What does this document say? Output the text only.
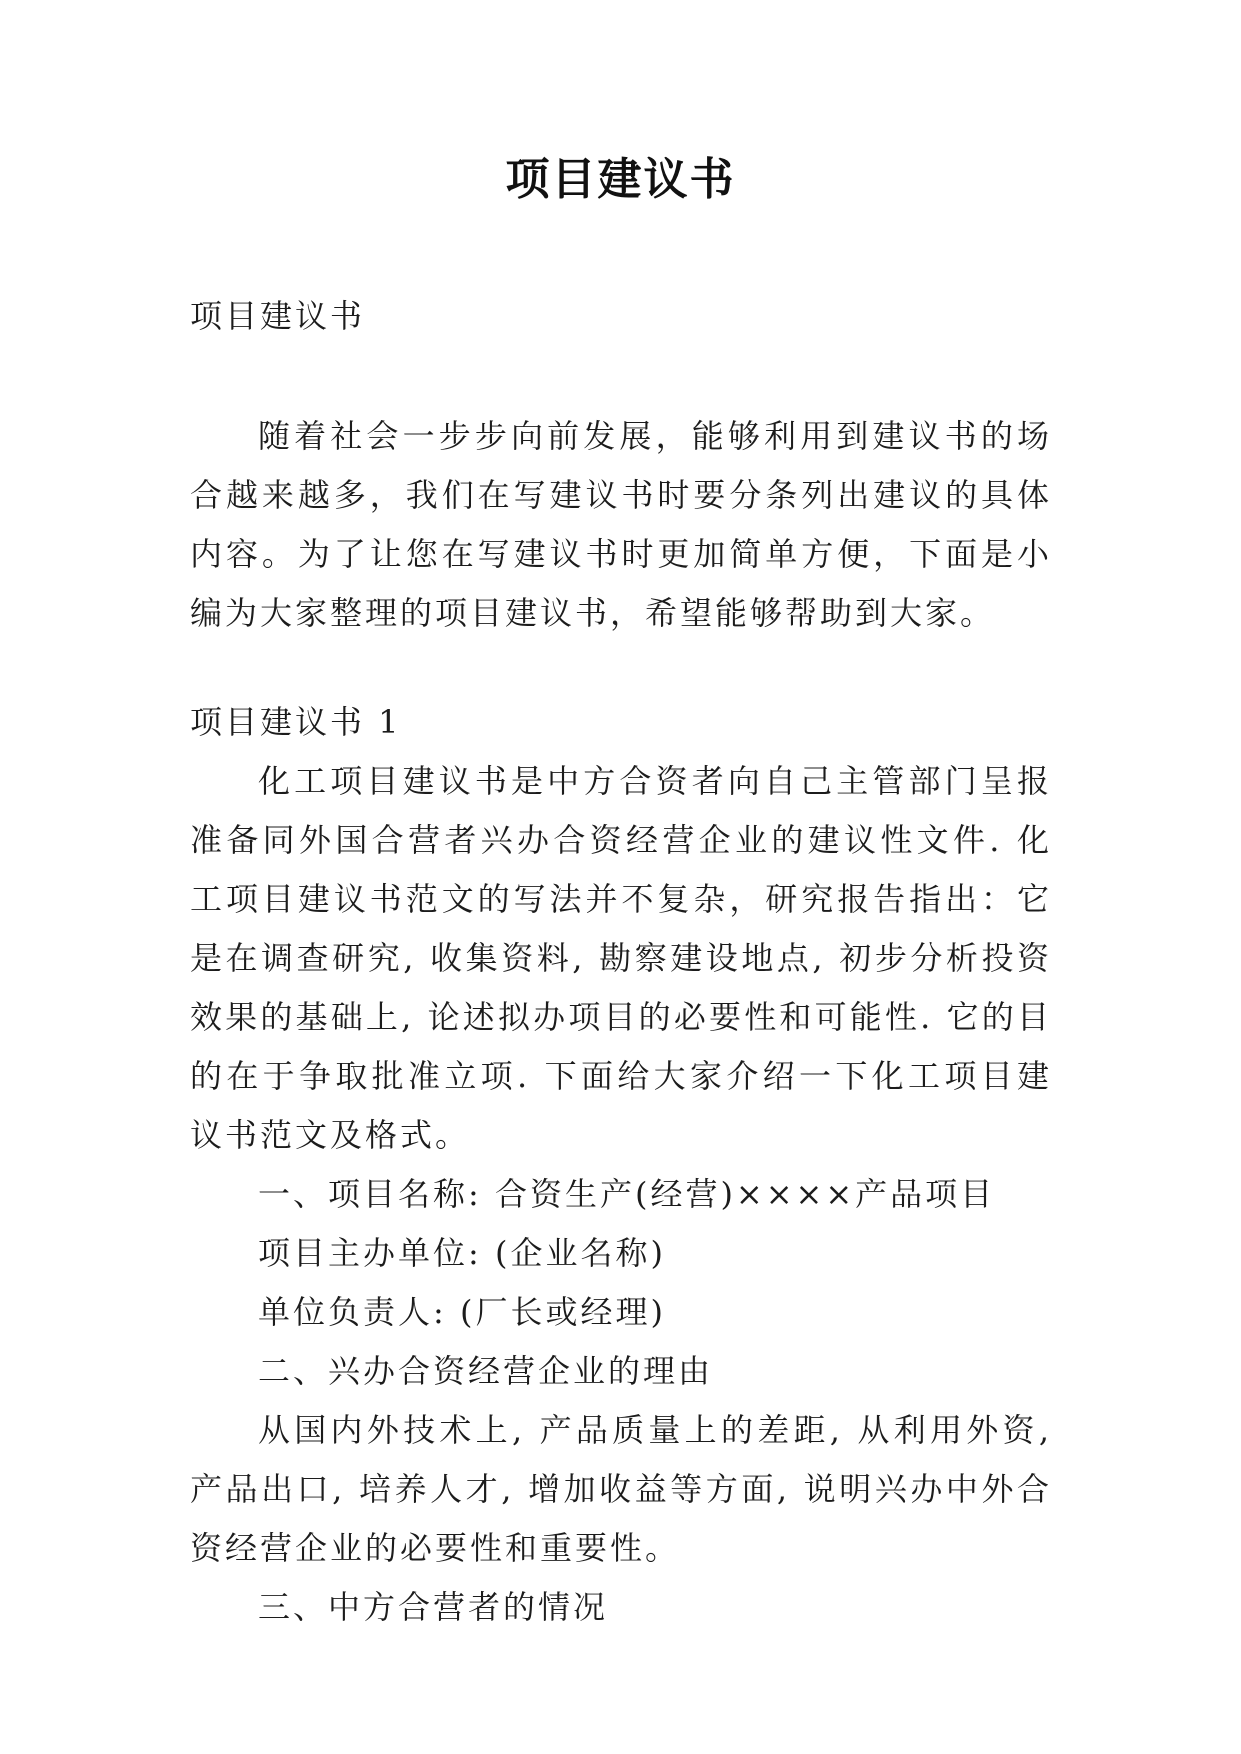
项目建议书

项目建议书

随着社会一步步向前发展，能够利用到建议书的场合越来越多，我们在写建议书时要分条列出建议的具体内容。为了让您在写建议书时更加简单方便，下面是小编为大家整理的项目建议书，希望能够帮助到大家。

项目建议书 1

化工项目建议书是中方合资者向自己主管部门呈报准备同外国合营者兴办合资经营企业的建议性文件. 化工项目建议书范文的写法并不复杂，研究报告指出：它是在调查研究, 收集资料, 勘察建设地点, 初步分析投资效果的基础上, 论述拟办项目的必要性和可能性. 它的目的在于争取批准立项. 下面给大家介绍一下化工项目建议书范文及格式。

一、项目名称: 合资生产(经营)××××产品项目

项目主办单位: (企业名称)

单位负责人: (厂长或经理)

二、兴办合资经营企业的理由

从国内外技术上, 产品质量上的差距, 从利用外资, 产品出口, 培养人才, 增加收益等方面, 说明兴办中外合资经营企业的必要性和重要性。

三、中方合营者的情况
